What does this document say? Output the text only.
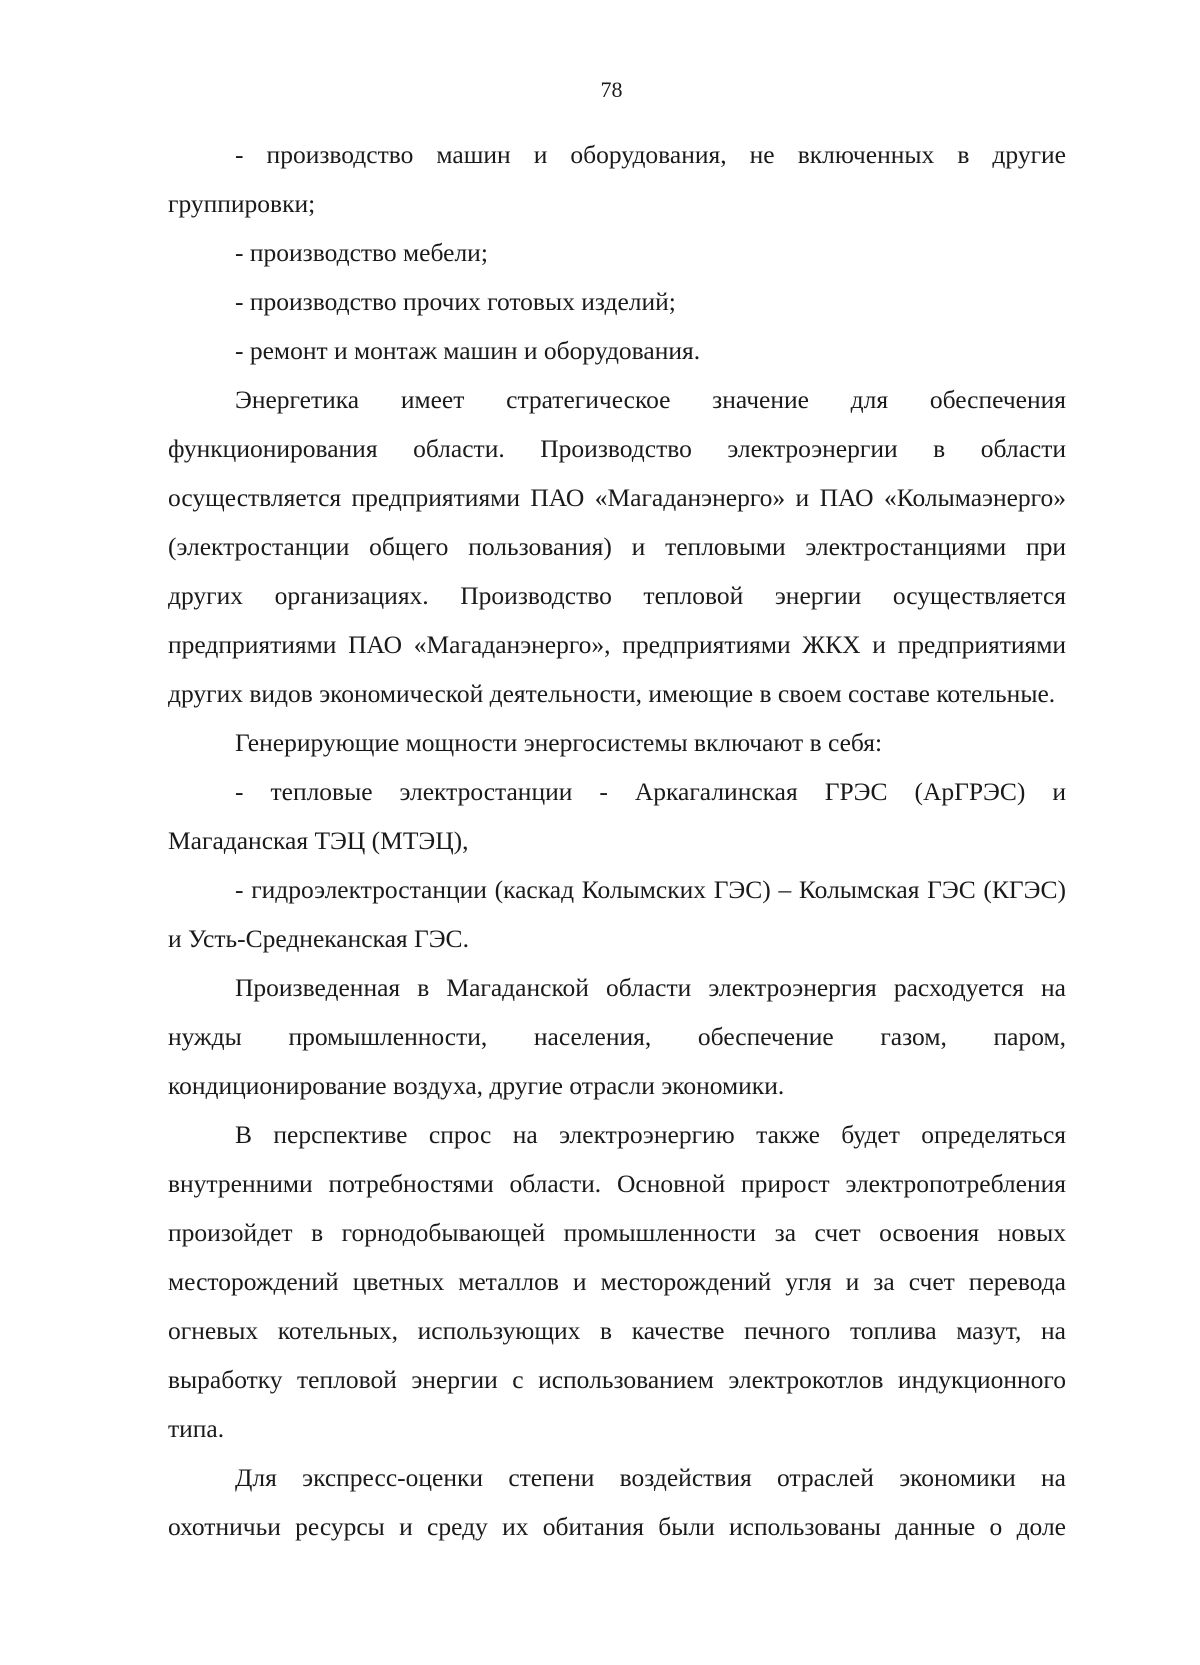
78

- производство машин и оборудования, не включенных в другие группировки;

- производство мебели;

- производство прочих готовых изделий;

- ремонт и монтаж машин и оборудования.

Энергетика имеет стратегическое значение для обеспечения функционирования области. Производство электроэнергии в области осуществляется предприятиями ПАО «Магаданэнерго» и ПАО «Колымаэнерго» (электростанции общего пользования) и тепловыми электростанциями при других организациях. Производство тепловой энергии осуществляется предприятиями ПАО «Магаданэнерго», предприятиями ЖКХ и предприятиями других видов экономической деятельности, имеющие в своем составе котельные.

Генерирующие мощности энергосистемы включают в себя:

- тепловые электростанции - Аркагалинская ГРЭС (АрГРЭС) и Магаданская ТЭЦ (МТЭЦ),

- гидроэлектростанции (каскад Колымских ГЭС) – Колымская ГЭС (КГЭС) и Усть-Среднеканская ГЭС.

Произведенная в Магаданской области электроэнергия расходуется на нужды промышленности, населения, обеспечение газом, паром, кондиционирование воздуха, другие отрасли экономики.

В перспективе спрос на электроэнергию также будет определяться внутренними потребностями области. Основной прирост электропотребления произойдет в горнодобывающей промышленности за счет освоения новых месторождений цветных металлов и месторождений угля и за счет перевода огневых котельных, использующих в качестве печного топлива мазут, на выработку тепловой энергии с использованием электрокотлов индукционного типа.

Для экспресс-оценки степени воздействия отраслей экономики на охотничьи ресурсы и среду их обитания были использованы данные о доле
